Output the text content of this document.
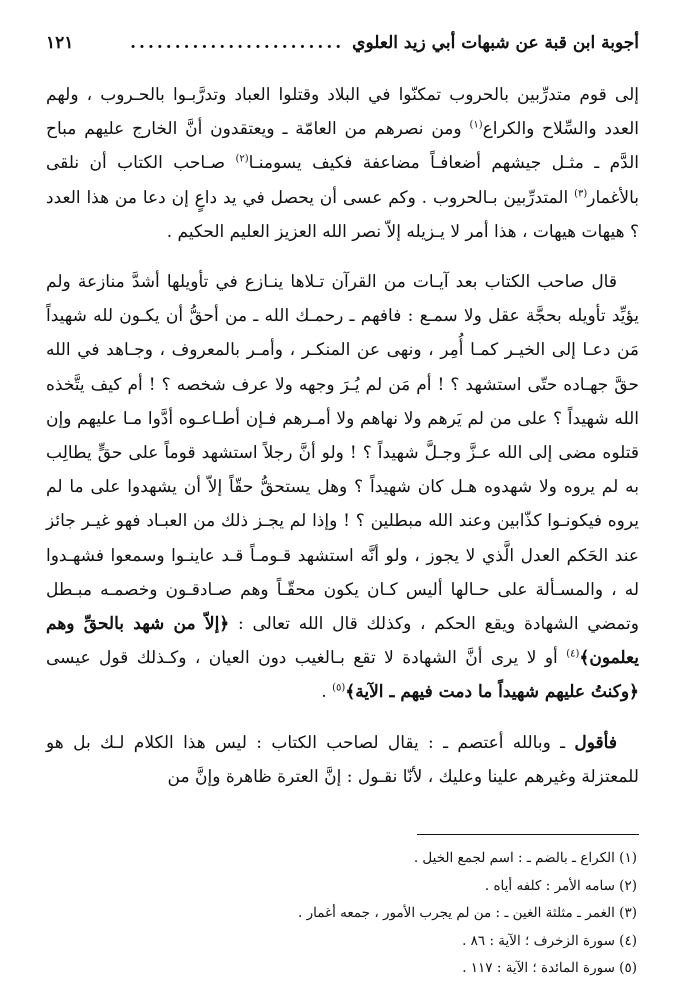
أجوبة ابن قبة عن شبهات أبي زيد العلوي
........................
١٢١

إلى قوم متدرِّبين بالحروب تمكنّوا في البلاد وقتلوا العباد وتدرَّبـوا بالحـروب ، ولهم العدد والسِّلاح والكراع$^{(١)}$ ومن نصرهم من العامّة ـ ويعتقدون أنَّ الخارج عليهم مباح الدَّم ـ مثـل جيشهم أضعافـاً مضاعفة فكيف يسومنـا$^{(٢)}$ صـاحب الكتاب أن نلقى بالأغمار$^{(٣)}$ المتدرِّبين بـالحروب . وكم عسى أن يحصل في يد داعٍ إن دعا من هذا العدد ؟ هيهات هيهات ، هذا أمر لا يـزيله إلاّ نصر الله العزيز العليم الحكيم .

قال صاحب الكتاب بعد آيـات من القرآن تـلاها ينـازع في تأويلها أشدَّ منازعة ولم يؤيِّد تأويله بحجَّة عقل ولا سمـع : فافهم ـ رحمـك الله ـ من أحقُّ أن يكـون لله شهيداً مَن دعـا إلى الخيـر كمـا أُمِر ، ونهى عن المنكـر ، وأمـر بالمعروف ، وجـاهد في الله حقَّ جهـاده حتّى استشهد ؟ ! أم مَن لم يُـرَ وجهه ولا عرف شخصه ؟ ! أم كيف يتَّخذه الله شهيداً ؟ على من لم يَرهم ولا نهاهم ولا أمـرهم فـإن أطـاعـوه أدَّوا مـا عليهم وإن قتلوه مضى إلى الله عـزَّ وجـلَّ شهيداً ؟ ! ولو أنَّ رجلاً استشهد قوماً على حقٍّ يطالِب به لم يروه ولا شهدوه هـل كان شهيداً ؟ وهل يستحقُّ حقّاً إلاّ أن يشهدوا على ما لم يروه فيكونـوا كذّابين وعند الله مبطلين ؟ ! وإذا لم يجـز ذلك من العبـاد فهو غيـر جائز عند الحَكم العدل الَّذي لا يجوز ، ولو أنَّه استشهد قـومـاً قـد عاينـوا وسمعوا فشهـدوا له ، والمسـألة على حـالها أليس كـان يكون محقّـاً وهم صـادقـون وخصمـه مبـطل وتمضي الشهادة ويقع الحكم ، وكذلك قال الله تعالى : ﴿إلاّ من شهد بالحقِّ وهم يعلمون﴾$^{(٤)}$ أو لا يرى أنَّ الشهادة لا تقع بـالغيب دون العيان ، وكـذلك قول عيسى ﴿وكنتُ عليهم شهيداً ما دمت فيهم ـ الآية﴾$^{(٥)}$ .

فأقول ـ وبالله أعتصم ـ : يقال لصاحب الكتاب : ليس هذا الكلام لـك بل هو للمعتزلة وغيرهم علينا وعليك ، لأنّا نقـول : إنَّ العترة ظاهرة وإنَّ من

(١) الكراع ـ بالضم ـ : اسم لجمع الخيل .
(٢) سامه الأمر : كلفه أياه .
(٣) الغمر ـ مثلثة الغين ـ : من لم يجرب الأمور ، جمعه أغمار .
(٤) سورة الزخرف ؛ الآية : ٨٦ .
(٥) سورة المائدة ؛ الآية : ١١٧ .
